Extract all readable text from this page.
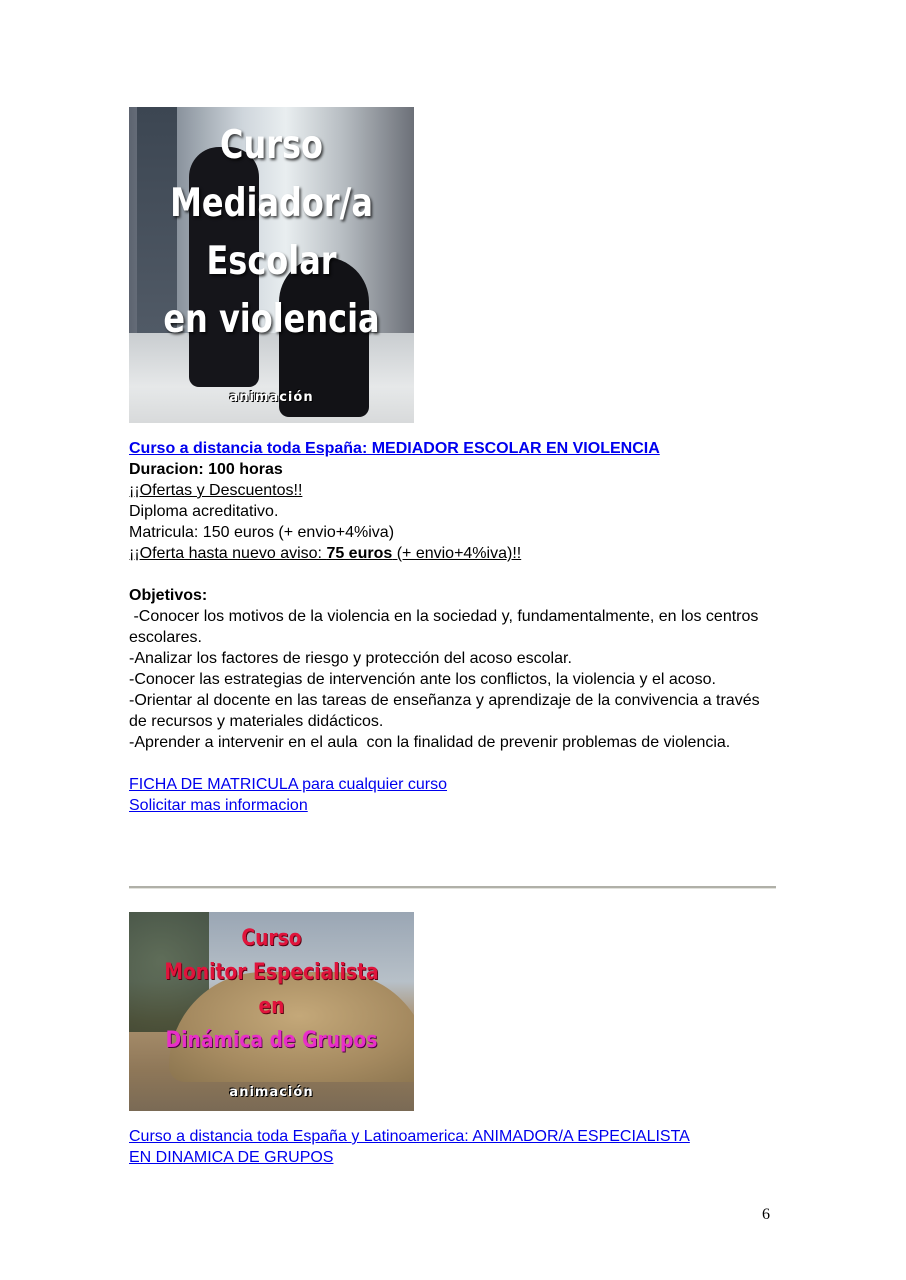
Curso
Mediador/a
Escolar
en violencia
animación

Curso a distancia toda España: MEDIADOR ESCOLAR EN VIOLENCIA

Duracion: 100 horas

¡¡Ofertas y Descuentos!!

Diploma acreditativo.

Matricula: 150 euros (+ envio+4%iva)

¡¡Oferta hasta nuevo aviso: 75 euros (+ envio+4%iva)!!

Objetivos:

-Conocer los motivos de la violencia en la sociedad y, fundamentalmente, en los centros escolares.

-Analizar los factores de riesgo y protección del acoso escolar.

-Conocer las estrategias de intervención ante los conflictos, la violencia y el acoso.

-Orientar al docente en las tareas de enseñanza y aprendizaje de la convivencia a través de recursos y materiales didácticos.

-Aprender a intervenir en el aula  con la finalidad de prevenir problemas de violencia.

FICHA DE MATRICULA para cualquier curso

Solicitar mas informacion

Curso
Monitor Especialista
en
Dinámica de Grupos
animación

Curso a distancia toda España y Latinoamerica: ANIMADOR/A ESPECIALISTA
EN DINAMICA DE GRUPOS

6
